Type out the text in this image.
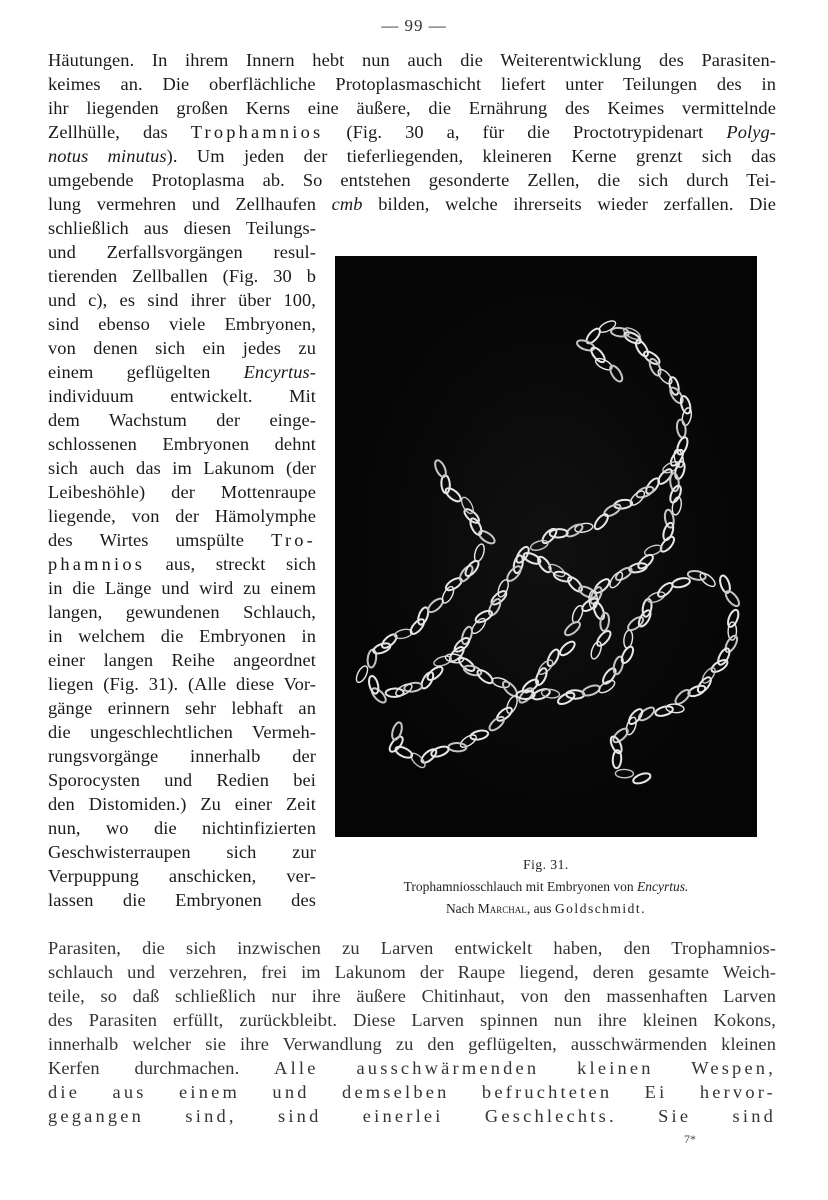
— 99 —
Häutungen. In ihrem Innern hebt nun auch die Weiterentwicklung des Parasiten-
keimes an. Die oberflächliche Protoplasmaschicht liefert unter Teilungen des in
ihr liegenden großen Kerns eine äußere, die Ernährung des Keimes vermittelnde
Zellhülle, das Trophamnios (Fig. 30 a, für die Proctotrypidenart Polyg-
notus minutus). Um jeden der tieferliegenden, kleineren Kerne grenzt sich das
umgebende Protoplasma ab. So entstehen gesonderte Zellen, die sich durch Tei-
lung vermehren und Zellhaufen cmb bilden, welche ihrerseits wieder zerfallen. Die
schließlich aus diesen Teilungs-
und Zerfallsvorgängen resul-
tierenden Zellballen (Fig. 30 b
und c), es sind ihrer über 100,
sind ebenso viele Embryonen,
von denen sich ein jedes zu
einem geflügelten Encyrtus-
individuum entwickelt. Mit
dem Wachstum der einge-
schlossenen Embryonen dehnt
sich auch das im Lakunom (der
Leibeshöhle) der Mottenraupe
liegende, von der Hämolymphe
des Wirtes umspülte Tro-
phamnios aus, streckt sich
in die Länge und wird zu einem
langen, gewundenen Schlauch,
in welchem die Embryonen in
einer langen Reihe angeordnet
liegen (Fig. 31). (Alle diese Vor-
gänge erinnern sehr lebhaft an
die ungeschlechtlichen Vermeh-
rungsvorgänge innerhalb der
Sporocysten und Redien bei
den Distomiden.) Zu einer Zeit
nun, wo die nichtinfizierten
Geschwisterraupen sich zur
Verpuppung anschicken, ver-
lassen die Embryonen des
Fig. 31.
Trophamniosschlauch mit Embryonen von Encyrtus.
Nach Marchal, aus Goldschmidt.
Parasiten, die sich inzwischen zu Larven entwickelt haben, den Trophamnios-
schlauch und verzehren, frei im Lakunom der Raupe liegend, deren gesamte Weich-
teile, so daß schließlich nur ihre äußere Chitinhaut, von den massenhaften Larven
des Parasiten erfüllt, zurückbleibt. Diese Larven spinnen nun ihre kleinen Kokons,
innerhalb welcher sie ihre Verwandlung zu den geflügelten, ausschwärmenden kleinen
Kerfen durchmachen. Alle ausschwärmenden kleinen Wespen,
die aus einem und demselben befruchteten Ei hervor-
gegangen sind, sind einerlei Geschlechts. Sie sind
7*
